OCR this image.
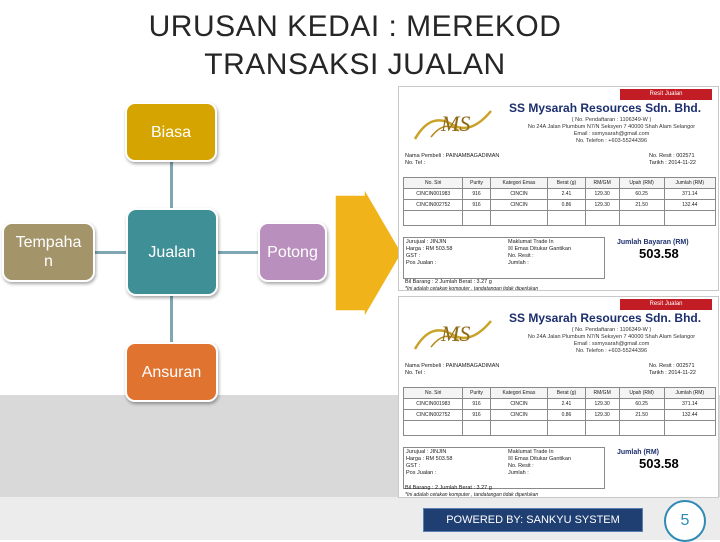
URUSAN KEDAI : MEREKOD
TRANSAKSI JUALAN
Biasa
Tempaha
n
Jualan	Potong
Ansuran
Resit Jualan
MS
SS Mysarah Resources Sdn. Bhd.
( No. Pendaftaran : 1106349-W )
No 24A Jalan Plumbum N7/N Seksyen 7 40000 Shah Alam Selangor
Email : ssmysarah@gmail.com
No. Telefon : +603-55244396
Nama Pembeli : PAINAMBAGADIMAN
No. Tel :
No. Resit : 002571
Tarikh : 2014-11-22
No. Siri	Purity	Kategori Emas	Berat (g)	RM/GM	Upah (RM)	Jumlah (RM)
CINCIN001983	916	CINCIN	2.41	129.30	60.25	371.14
CINCIN002752	916	CINCIN	0.86	129.30	21.50	132.44

Jurujual : JINJIN
Harga : RM 503.58
GST :
Pos Jualan :
Maklumat Trade In
☒ Emas Ditukar Gantikan
No. Resit :
Jumlah :
Jumlah Bayaran (RM)
503.58
Bil Barang : 2 Jumlah Berat : 3.27 g
*Ini adalah cetakan komputer , tandatangan tidak diperlukan
Resit Jualan
MS
SS Mysarah Resources Sdn. Bhd.
( No. Pendaftaran : 1106349-W )
No 24A Jalan Plumbum N7/N Seksyen 7 40000 Shah Alam Selangor
Email : ssmysarah@gmail.com
No. Telefon : +603-55244396
Nama Pembeli : PAINAMBAGADIMAN
No. Tel :
No. Resit : 002571
Tarikh : 2014-11-22
No. Siri	Purity	Kategori Emas	Berat (g)	RM/GM	Upah (RM)	Jumlah (RM)
CINCIN001983	916	CINCIN	2.41	129.30	60.25	371.14
CINCIN002752	916	CINCIN	0.86	129.30	21.50	132.44

Jurujual : JINJIN
Harga : RM 503.58
GST :
Pos Jualan :
Maklumat Trade In
☒ Emas Ditukar Gantikan
No. Resit :
Jumlah :
Jumlah (RM)
503.58
Bil Barang : 2 Jumlah Berat : 3.27 g
*Ini adalah cetakan komputer , tandatangan tidak diperlukan
POWERED BY: SANKYU SYSTEM	5
